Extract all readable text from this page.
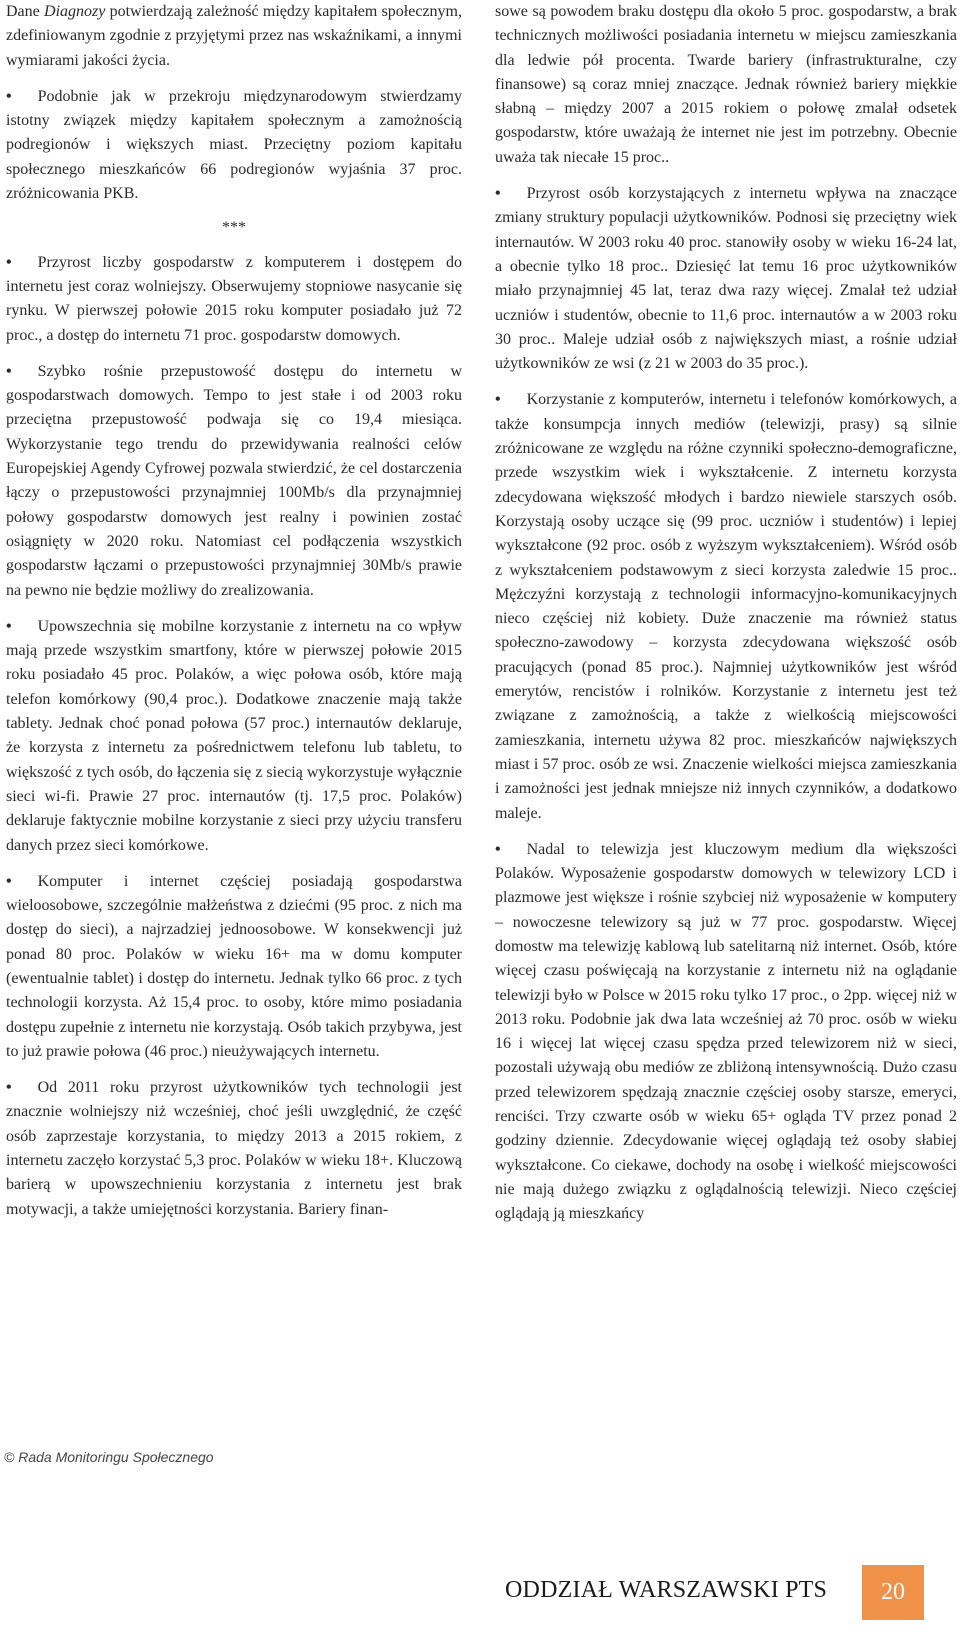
Dane Diagnozy potwierdzają zależność między kapitałem społecznym, zdefiniowanym zgodnie z przyjętymi przez nas wskaźnikami, a innymi wymiarami jakości życia.

• Podobnie jak w przekroju międzynarodowym stwierdzamy istotny związek między kapitałem społecznym a zamożnością podregionów i większych miast. Przeciętny poziom kapitału społecznego mieszkańców 66 podregionów wyjaśnia 37 proc. zróżnicowania PKB.

***

• Przyrost liczby gospodarstw z komputerem i dostępem do internetu jest coraz wolniejszy. Obserwujemy stopniowe nasycanie się rynku. W pierwszej połowie 2015 roku komputer posiadało już 72 proc., a dostęp do internetu 71 proc. gospodarstw domowych.

• Szybko rośnie przepustowość dostępu do internetu w gospodarstwach domowych. Tempo to jest stałe i od 2003 roku przeciętna przepustowość podwaja się co 19,4 miesiąca. Wykorzystanie tego trendu do przewidywania realności celów Europejskiej Agendy Cyfrowej pozwala stwierdzić, że cel dostarczenia łączy o przepustowości przynajmniej 100Mb/s dla przynajmniej połowy gospodarstw domowych jest realny i powinien zostać osiągnięty w 2020 roku. Natomiast cel podłączenia wszystkich gospodarstw łączami o przepustowości przynajmniej 30Mb/s prawie na pewno nie będzie możliwy do zrealizowania.

• Upowszechnia się mobilne korzystanie z internetu na co wpływ mają przede wszystkim smartfony, które w pierwszej połowie 2015 roku posiadało 45 proc. Polaków, a więc połowa osób, które mają telefon komórkowy (90,4 proc.). Dodatkowe znaczenie mają także tablety. Jednak choć ponad połowa (57 proc.) internautów deklaruje, że korzysta z internetu za pośrednictwem telefonu lub tabletu, to większość z tych osób, do łączenia się z siecią wykorzystuje wyłącznie sieci wi-fi. Prawie 27 proc. internautów (tj. 17,5 proc. Polaków) deklaruje faktycznie mobilne korzystanie z sieci przy użyciu transferu danych przez sieci komórkowe.

• Komputer i internet częściej posiadają gospodarstwa wieloosobowe, szczególnie małżeństwa z dziećmi (95 proc. z nich ma dostęp do sieci), a najrzadziej jednoosobowe. W konsekwencji już ponad 80 proc. Polaków w wieku 16+ ma w domu komputer (ewentualnie tablet) i dostęp do internetu. Jednak tylko 66 proc. z tych technologii korzysta. Aż 15,4 proc. to osoby, które mimo posiadania dostępu zupełnie z internetu nie korzystają. Osób takich przybywa, jest to już prawie połowa (46 proc.) nieużywających internetu.

• Od 2011 roku przyrost użytkowników tych technologii jest znacznie wolniejszy niż wcześniej, choć jeśli uwzględnić, że część osób zaprzestaje korzystania, to między 2013 a 2015 rokiem, z internetu zaczęło korzystać 5,3 proc. Polaków w wieku 18+. Kluczową barierą w upowszechnieniu korzystania z internetu jest brak motywacji, a także umiejętności korzystania. Bariery finan-

sowe są powodem braku dostępu dla około 5 proc. gospodarstw, a brak technicznych możliwości posiadania internetu w miejscu zamieszkania dla ledwie pół procenta. Twarde bariery (infrastrukturalne, czy finansowe) są coraz mniej znaczące. Jednak również bariery miękkie słabną – między 2007 a 2015 rokiem o połowę zmalał odsetek gospodarstw, które uważają że internet nie jest im potrzebny. Obecnie uważa tak niecałe 15 proc..

• Przyrost osób korzystających z internetu wpływa na znaczące zmiany struktury populacji użytkowników. Podnosi się przeciętny wiek internautów. W 2003 roku 40 proc. stanowiły osoby w wieku 16-24 lat, a obecnie tylko 18 proc.. Dziesięć lat temu 16 proc użytkowników miało przynajmniej 45 lat, teraz dwa razy więcej. Zmalał też udział uczniów i studentów, obecnie to 11,6 proc. internautów a w 2003 roku 30 proc.. Maleje udział osób z największych miast, a rośnie udział użytkowników ze wsi (z 21 w 2003 do 35 proc.).

• Korzystanie z komputerów, internetu i telefonów komórkowych, a także konsumpcja innych mediów (telewizji, prasy) są silnie zróżnicowane ze względu na różne czynniki społeczno-demograficzne, przede wszystkim wiek i wykształcenie. Z internetu korzysta zdecydowana większość młodych i bardzo niewiele starszych osób. Korzystają osoby uczące się (99 proc. uczniów i studentów) i lepiej wykształcone (92 proc. osób z wyższym wykształceniem). Wśród osób z wykształceniem podstawowym z sieci korzysta zaledwie 15 proc.. Mężczyźni korzystają z technologii informacyjno-komunikacyjnych nieco częściej niż kobiety. Duże znaczenie ma również status społeczno-zawodowy – korzysta zdecydowana większość osób pracujących (ponad 85 proc.). Najmniej użytkowników jest wśród emerytów, rencistów i rolników. Korzystanie z internetu jest też związane z zamożnością, a także z wielkością miejscowości zamieszkania, internetu używa 82 proc. mieszkańców największych miast i 57 proc. osób ze wsi. Znaczenie wielkości miejsca zamieszkania i zamożności jest jednak mniejsze niż innych czynników, a dodatkowo maleje.

• Nadal to telewizja jest kluczowym medium dla większości Polaków. Wyposażenie gospodarstw domowych w telewizory LCD i plazmowe jest większe i rośnie szybciej niż wyposażenie w komputery – nowoczesne telewizory są już w 77 proc. gospodarstw. Więcej domostw ma telewizję kablową lub satelitarną niż internet. Osób, które więcej czasu poświęcają na korzystanie z internetu niż na oglądanie telewizji było w Polsce w 2015 roku tylko 17 proc., o 2pp. więcej niż w 2013 roku. Podobnie jak dwa lata wcześniej aż 70 proc. osób w wieku 16 i więcej lat więcej czasu spędza przed telewizorem niż w sieci, pozostali używają obu mediów ze zbliżoną intensywnością. Dużo czasu przed telewizorem spędzają znacznie częściej osoby starsze, emeryci, renciści. Trzy czwarte osób w wieku 65+ ogląda TV przez ponad 2 godziny dziennie. Zdecydowanie więcej oglądają też osoby słabiej wykształcone. Co ciekawe, dochody na osobę i wielkość miejscowości nie mają dużego związku z oglądalnością telewizji. Nieco częściej oglądają ją mieszkańcy

© Rada Monitoringu Społecznego
ODDZIAŁ WARSZAWSKI PTS	20
